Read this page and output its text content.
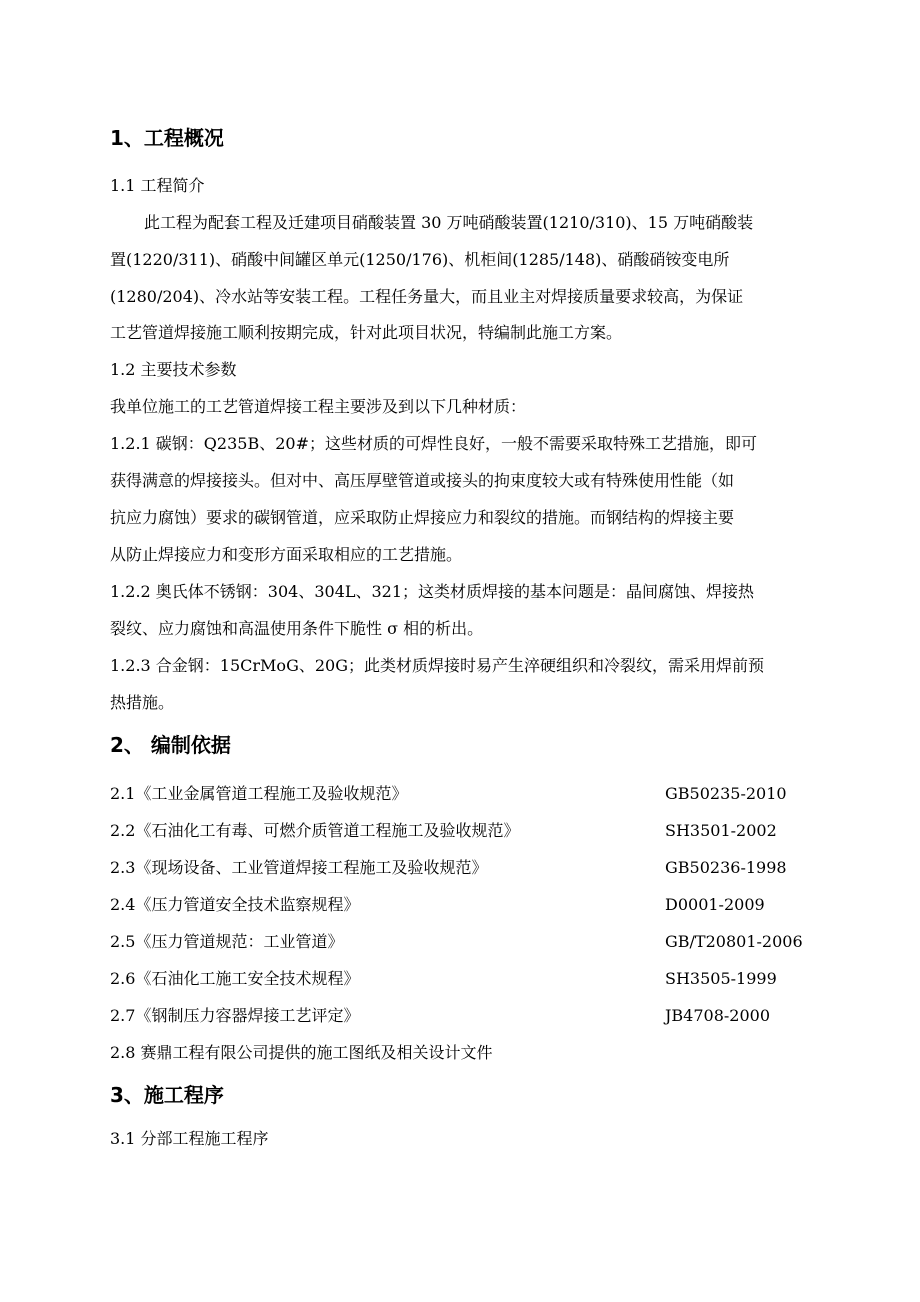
1、工程概况
1.1 工程简介
此工程为配套工程及迁建项目硝酸装置 30 万吨硝酸装置(1210/310)、15 万吨硝酸装
置(1220/311)、硝酸中间罐区单元(1250/176)、机柜间(1285/148)、硝酸硝铵变电所
(1280/204)、冷水站等安装工程。工程任务量大，而且业主对焊接质量要求较高，为保证
工艺管道焊接施工顺利按期完成，针对此项目状况，特编制此施工方案。
1.2 主要技术参数
我单位施工的工艺管道焊接工程主要涉及到以下几种材质：
1.2.1 碳钢：Q235B、20#；这些材质的可焊性良好，一般不需要采取特殊工艺措施，即可
获得满意的焊接接头。但对中、高压厚壁管道或接头的拘束度较大或有特殊使用性能（如
抗应力腐蚀）要求的碳钢管道，应采取防止焊接应力和裂纹的措施。而钢结构的焊接主要
从防止焊接应力和变形方面采取相应的工艺措施。
1.2.2 奥氏体不锈钢：304、304L、321；这类材质焊接的基本问题是：晶间腐蚀、焊接热
裂纹、应力腐蚀和高温使用条件下脆性 σ 相的析出。
1.2.3 合金钢：15CrMoG、20G；此类材质焊接时易产生淬硬组织和冷裂纹，需采用焊前预
热措施。
2、 编制依据
2.1《工业金属管道工程施工及验收规范》	GB50235-2010
2.2《石油化工有毒、可燃介质管道工程施工及验收规范》	SH3501-2002
2.3《现场设备、工业管道焊接工程施工及验收规范》	GB50236-1998
2.4《压力管道安全技术监察规程》	D0001-2009
2.5《压力管道规范：工业管道》	GB/T20801-2006
2.6《石油化工施工安全技术规程》	SH3505-1999
2.7《钢制压力容器焊接工艺评定》	JB4708-2000
2.8 赛鼎工程有限公司提供的施工图纸及相关设计文件
3、施工程序
3.1 分部工程施工程序
